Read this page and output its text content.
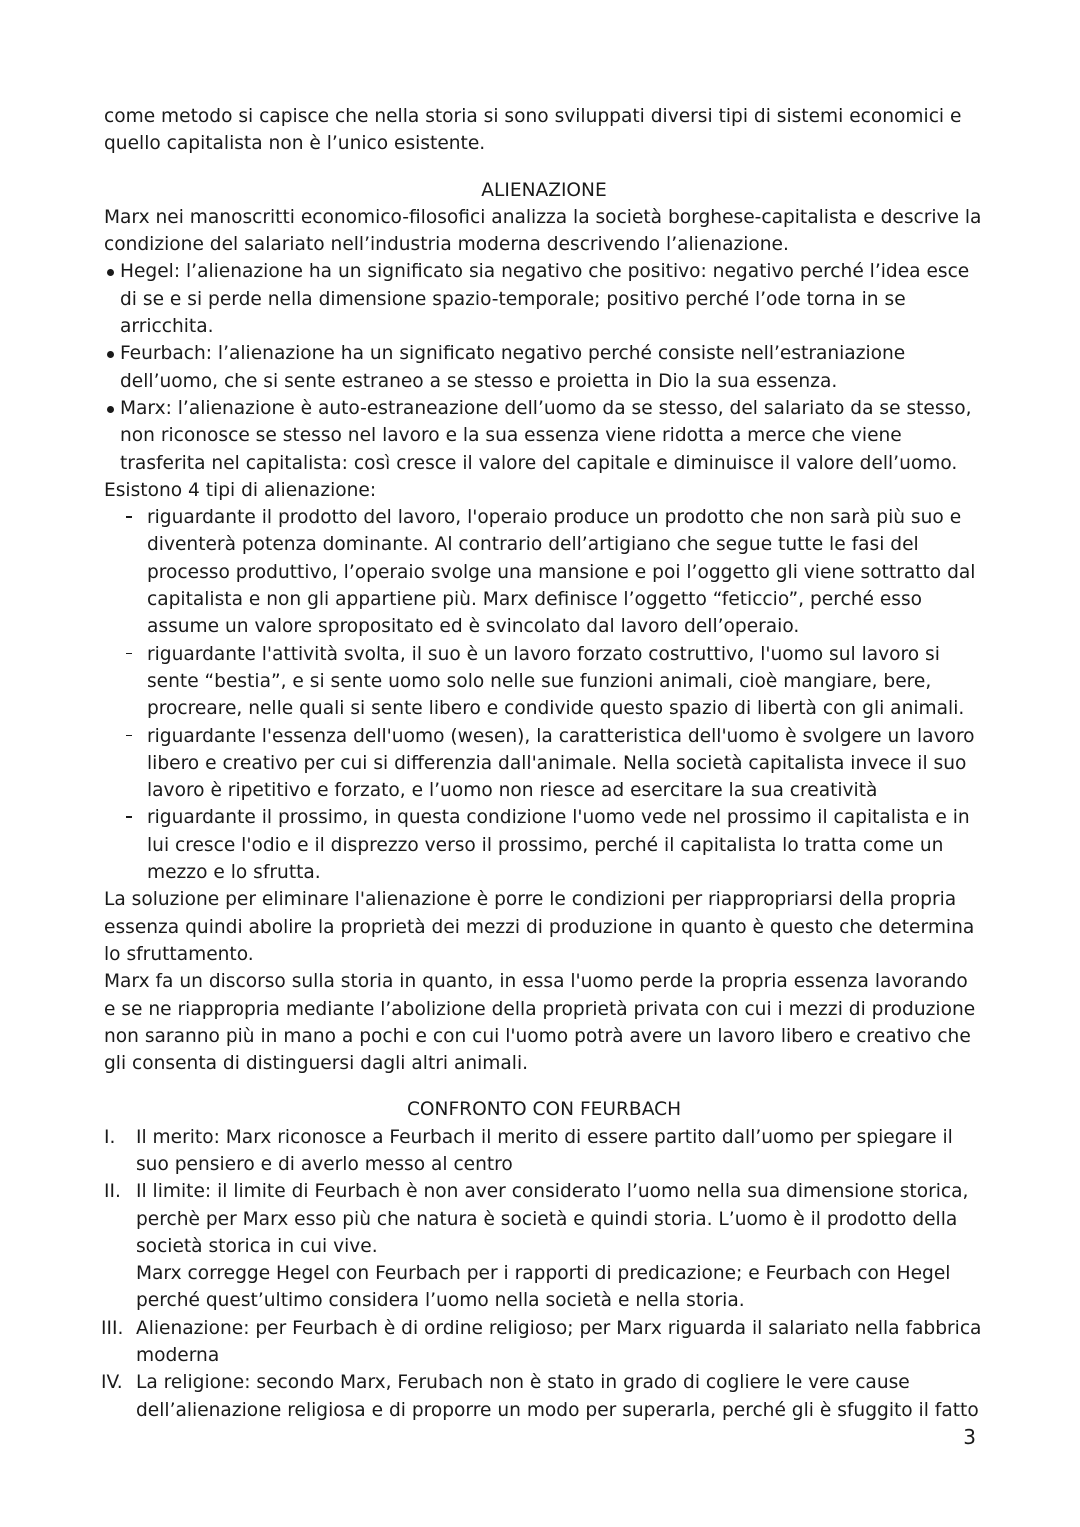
come metodo si capisce che nella storia si sono sviluppati diversi tipi di sistemi economici e quello capitalista non è l’unico esistente.

ALIENAZIONE

Marx nei manoscritti economico-filosofici analizza la società borghese-capitalista e descrive la condizione del salariato nell’industria moderna descrivendo l’alienazione.

Hegel: l’alienazione ha un significato sia negativo che positivo: negativo perché l’idea esce di se e si perde nella dimensione spazio-temporale; positivo perché l’ode torna in se arricchita.
Feurbach: l’alienazione ha un significato negativo perché consiste nell’estraniazione dell’uomo, che si sente estraneo a se stesso e proietta in Dio la sua essenza.
Marx: l’alienazione è auto-estraneazione dell’uomo da se stesso, del salariato da se stesso, non riconosce se stesso nel lavoro e la sua essenza viene ridotta a merce che viene trasferita nel capitalista: così cresce il valore del capitale e diminuisce il valore dell’uomo.

Esistono 4 tipi di alienazione:

riguardante il prodotto del lavoro, l'operaio produce un prodotto che non sarà più suo e diventerà potenza dominante. Al contrario dell’artigiano che segue tutte le fasi del processo produttivo, l’operaio svolge una mansione e poi l’oggetto gli viene sottratto dal capitalista e non gli appartiene più. Marx definisce l’oggetto “feticcio”, perché esso assume un valore spropositato ed è svincolato dal lavoro dell’operaio.
riguardante l'attività svolta, il suo è un lavoro forzato costruttivo, l'uomo sul lavoro si sente “bestia”, e si sente uomo solo nelle sue funzioni animali, cioè mangiare, bere, procreare, nelle quali si sente libero e condivide questo spazio di libertà con gli animali.
riguardante l'essenza dell'uomo (wesen), la caratteristica dell'uomo è svolgere un lavoro libero e creativo per cui si differenzia dall'animale. Nella società capitalista invece il suo lavoro è ripetitivo e forzato, e l’uomo non riesce ad esercitare la sua creatività
riguardante il prossimo, in questa condizione l'uomo vede nel prossimo il capitalista e in lui cresce l'odio e il disprezzo verso il prossimo, perché il capitalista lo tratta come un mezzo e lo sfrutta.

La soluzione per eliminare l'alienazione è porre le condizioni per riappropriarsi della propria essenza quindi abolire la proprietà dei mezzi di produzione in quanto è questo che determina lo sfruttamento.

Marx fa un discorso sulla storia in quanto, in essa l'uomo perde la propria essenza lavorando e se ne riappropria mediante l’abolizione della proprietà privata con cui i mezzi di produzione non saranno più in mano a pochi e con cui l'uomo potrà avere un lavoro libero e creativo che gli consenta di distinguersi dagli altri animali.

CONFRONTO CON FEURBACH

I. Il merito: Marx riconosce a Feurbach il merito di essere partito dall’uomo per spiegare il suo pensiero e di averlo messo al centro
II. Il limite: il limite di Feurbach è non aver considerato l’uomo nella sua dimensione storica, perchè per Marx esso più che natura è società e quindi storia. L’uomo è il prodotto della società storica in cui vive.

Marx corregge Hegel con Feurbach per i rapporti di predicazione; e Feurbach con Hegel perché quest’ultimo considera l’uomo nella società e nella storia.

III. Alienazione: per Feurbach è di ordine religioso; per Marx riguarda il salariato nella fabbrica moderna
IV. La religione: secondo Marx, Ferubach non è stato in grado di cogliere le vere cause dell’alienazione religiosa e di proporre un modo per superarla, perché gli è sfuggito il fatto
3
